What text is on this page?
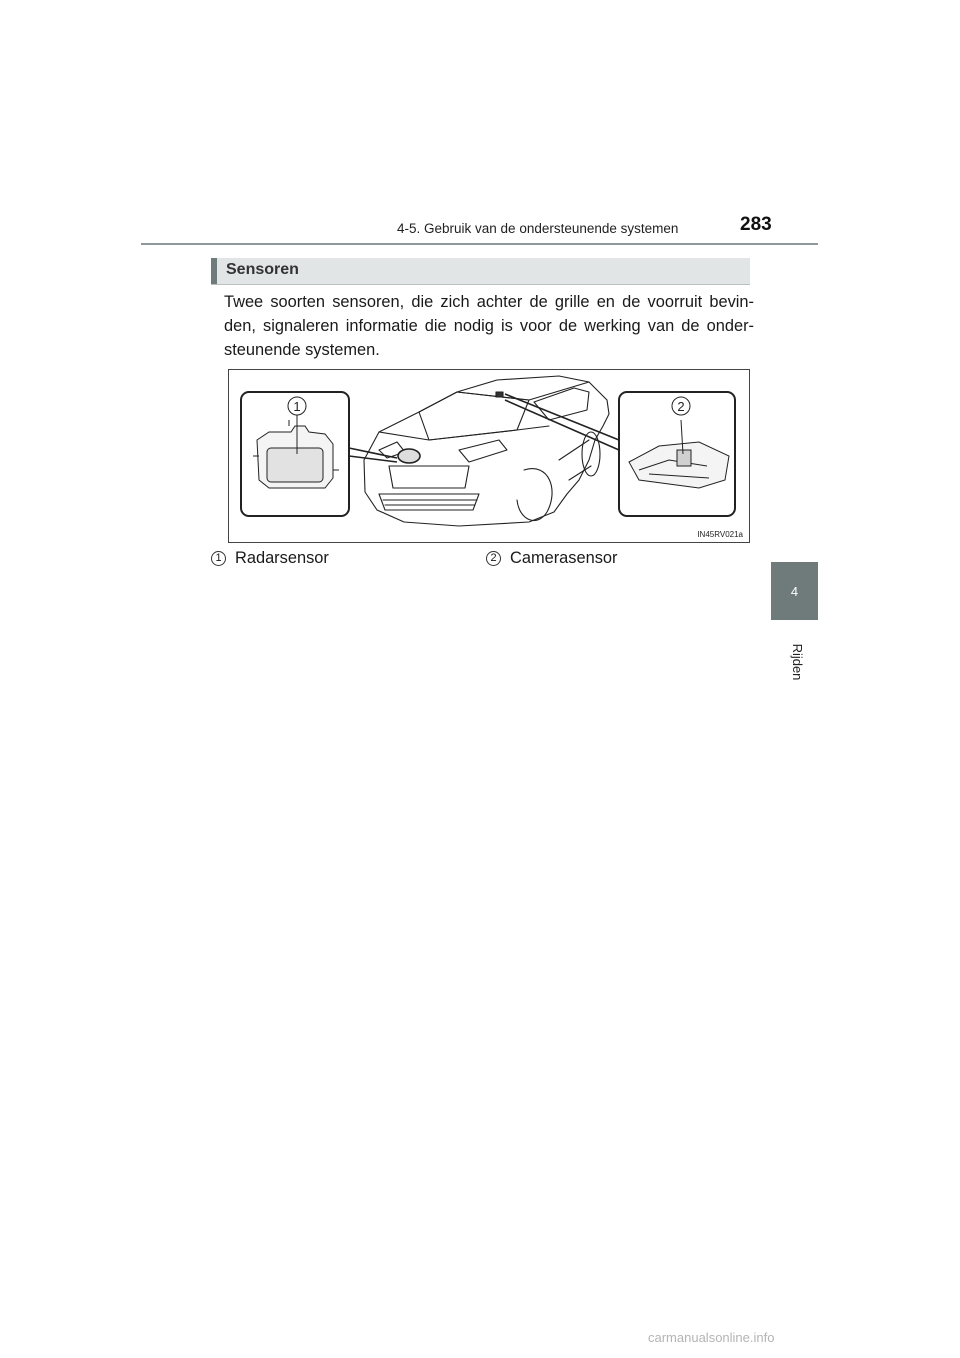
4-5. Gebruik van de ondersteunende systemen	283
4
Rijden
Sensoren
Twee soorten sensoren, die zich achter de grille en de voorruit bevin-
den, signaleren informatie die nodig is voor de werking van de onder-
steunende systemen.
1	2
IN45RV021a
1 Radarsensor	2 Camerasensor
carmanualsonline.info
